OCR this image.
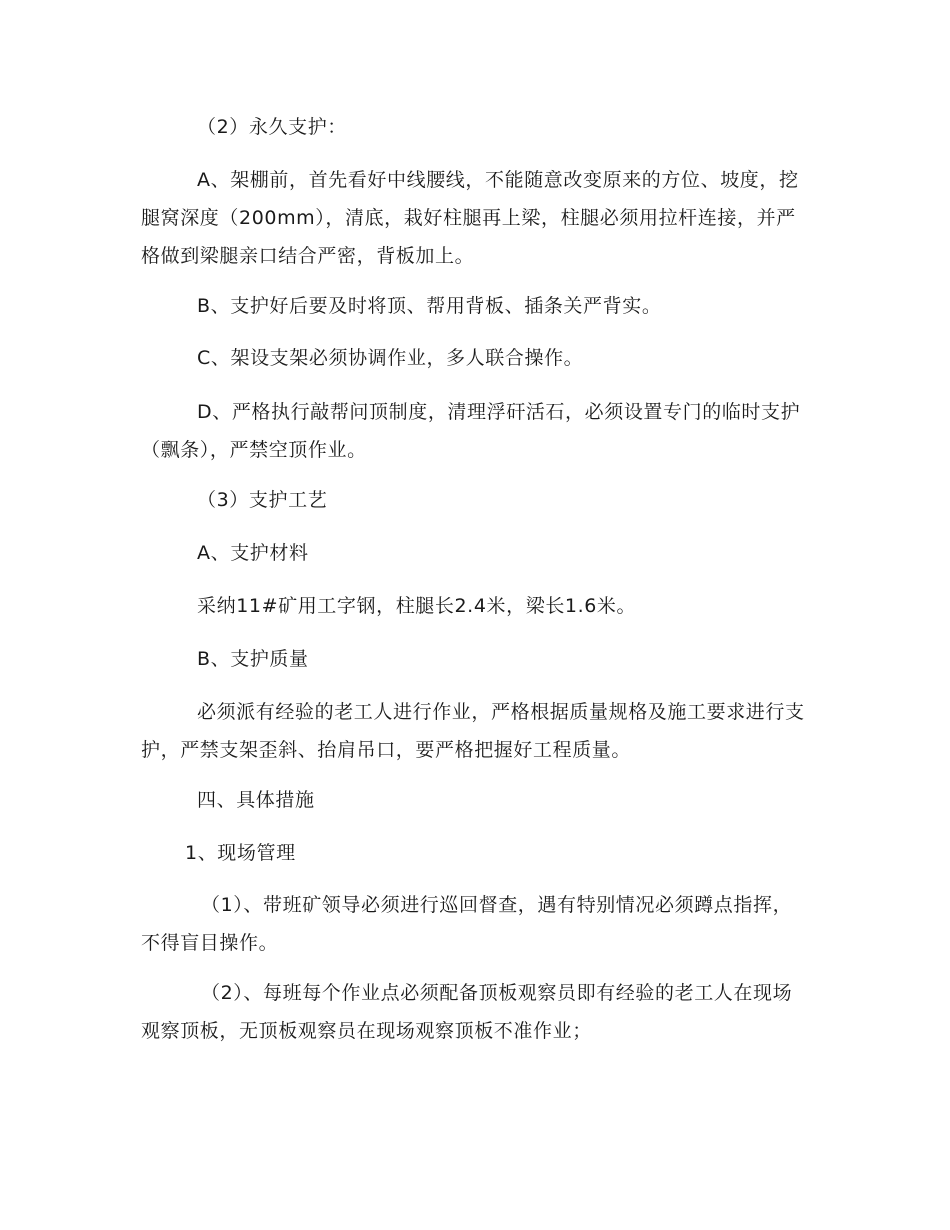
（2）永久支护：

A、架棚前，首先看好中线腰线，不能随意改变原来的方位、坡度，挖腿窝深度（200mm），清底，栽好柱腿再上梁，柱腿必须用拉杆连接，并严格做到梁腿亲口结合严密，背板加上。

B、支护好后要及时将顶、帮用背板、插条关严背实。

C、架设支架必须协调作业，多人联合操作。

D、严格执行敲帮问顶制度，清理浮矸活石，必须设置专门的临时支护（飘条），严禁空顶作业。

（3）支护工艺

A、支护材料

采纳11#矿用工字钢，柱腿长2.4米，梁长1.6米。

B、支护质量

必须派有经验的老工人进行作业，严格根据质量规格及施工要求进行支护，严禁支架歪斜、抬肩吊口，要严格把握好工程质量。

四、具体措施

1、现场管理

（1）、带班矿领导必须进行巡回督查，遇有特别情况必须蹲点指挥，不得盲目操作。

（2）、每班每个作业点必须配备顶板观察员即有经验的老工人在现场观察顶板，无顶板观察员在现场观察顶板不准作业；
